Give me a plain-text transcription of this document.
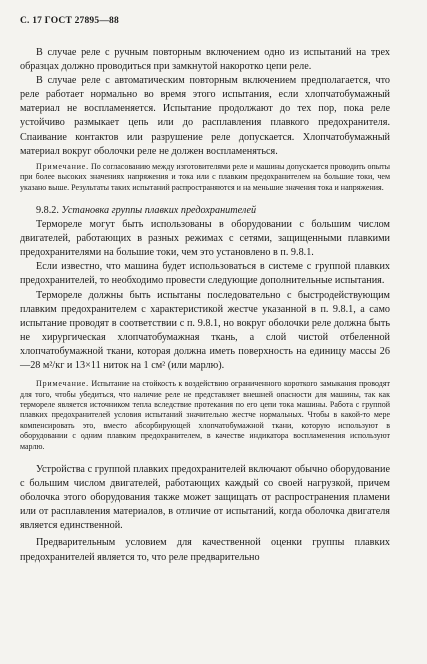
С. 17 ГОСТ 27895—88

В случае реле с ручным повторным включением одно из испытаний на трех образцах должно проводиться при замкнутой накоротко цепи реле.

В случае реле с автоматическим повторным включением предполагается, что реле работает нормально во время этого испытания, если хлопчатобумажный материал не воспламеняется. Испытание продолжают до тех пор, пока реле устойчиво размыкает цепь или до расплавления плавкого предохранителя. Спаивание контактов или разрушение реле допускается. Хлопчатобумажный материал вокруг оболочки реле не должен воспламеняться.

Примечание. По согласованию между изготовителями реле и машины допускается проводить опыты при более высоких значениях напряжения и тока или с плавким предохранителем на большие токи, чем указано выше. Результаты таких испытаний распространяются и на меньшие значения тока и напряжения.

9.8.2. Установка группы плавких предохранителей

Термореле могут быть использованы в оборудовании с большим числом двигателей, работающих в разных режимах с сетями, защищенными плавкими предохранителями на большие токи, чем это установлено в п. 9.8.1.

Если известно, что машина будет использоваться в системе с группой плавких предохранителей, то необходимо провести следующие дополнительные испытания.

Термореле должны быть испытаны последовательно с быстродействующим плавким предохранителем с характеристикой жестче указанной в п. 9.8.1, а само испытание проводят в соответствии с п. 9.8.1, но вокруг оболочки реле должна быть не хирургическая хлопчатобумажная ткань, а слой чистой отбеленной хлопчатобумажной ткани, которая должна иметь поверхность на единицу массы 26—28 м²/кг и 13×11 ниток на 1 см² (или марлю).

Примечание. Испытание на стойкость к воздействию ограниченного короткого замыкания проводят для того, чтобы убедиться, что наличие реле не представляет внешней опасности для машины, так как термореле является источником тепла вследствие протекания по его цепи тока машины. Работа с группой плавких предохранителей условия испытаний значительно жестче нормальных. Чтобы в какой-то мере компенсировать это, вместо абсорбирующей хлопчатобумажной ткани, которую используют в оборудовании с одним плавким предохранителем, в качестве индикатора воспламенения используют марлю.

Устройства с группой плавких предохранителей включают обычно оборудование с большим числом двигателей, работающих каждый со своей нагрузкой, причем оболочка этого оборудования также может защищать от распространения пламени или от расплавления материалов, в отличие от испытаний, когда оболочка двигателя является единственной.

Предварительным условием для качественной оценки группы плавких предохранителей является то, что реле предварительно
